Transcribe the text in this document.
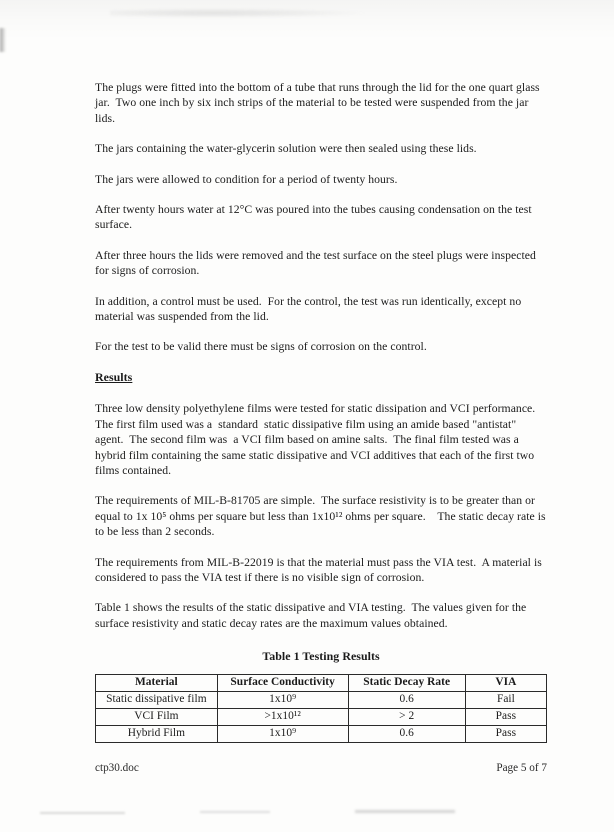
The plugs were fitted into the bottom of a tube that runs through the lid for the one quart glass jar.  Two one inch by six inch strips of the material to be tested were suspended from the jar lids.

The jars containing the water-glycerin solution were then sealed using these lids.

The jars were allowed to condition for a period of twenty hours.

After twenty hours water at 12°C was poured into the tubes causing condensation on the test surface.

After three hours the lids were removed and the test surface on the steel plugs were inspected for signs of corrosion.

In addition, a control must be used.  For the control, the test was run identically, except no material was suspended from the lid.

For the test to be valid there must be signs of corrosion on the control.

Results

Three low density polyethylene films were tested for static dissipation and VCI performance.  The first film used was a  standard  static dissipative film using an amide based "antistat" agent.  The second film was  a VCI film based on amine salts.  The final film tested was a hybrid film containing the same static dissipative and VCI additives that each of the first two films contained.

The requirements of MIL-B-81705 are simple.  The surface resistivity is to be greater than or equal to 1x 10⁵ ohms per square but less than 1x10¹² ohms per square.    The static decay rate is to be less than 2 seconds.

The requirements from MIL-B-22019 is that the material must pass the VIA test.  A material is considered to pass the VIA test if there is no visible sign of corrosion.

Table 1 shows the results of the static dissipative and VIA testing.  The values given for the surface resistivity and static decay rates are the maximum values obtained.

Table 1 Testing Results
Material	Surface Conductivity	Static Decay Rate	VIA
Static dissipative film	1x10⁹	0.6	Fail
VCI Film	>1x10¹²	> 2	Pass
Hybrid Film	1x10⁹	0.6	Pass
ctp30.doc	Page 5 of 7
